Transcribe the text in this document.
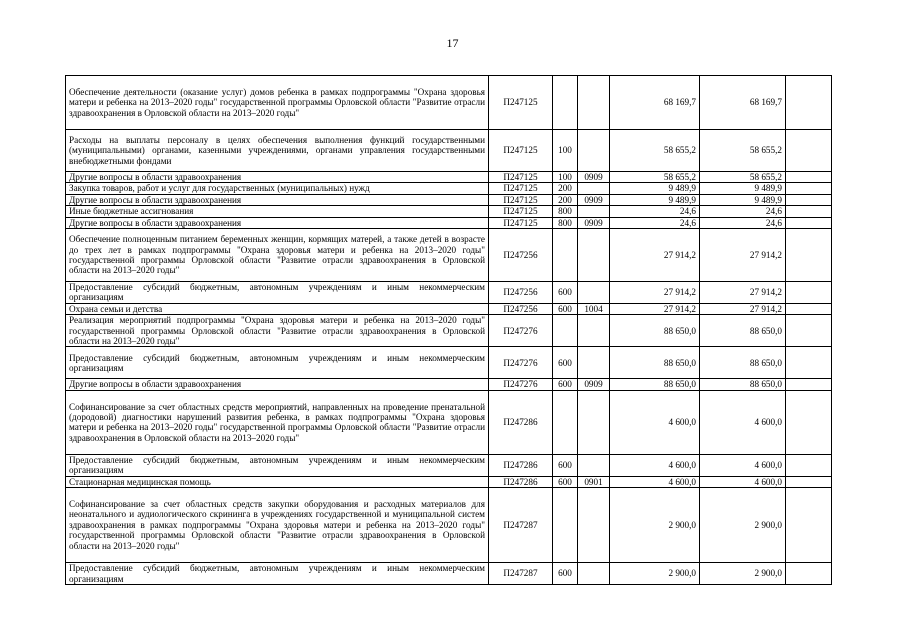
17
Обеспечение деятельности (оказание услуг) домов ребенка в рамках подпрограммы "Охрана здоровья матери и ребенка на 2013–2020 годы" государственной программы Орловской области "Развитие отрасли здравоохранения в Орловской области на 2013–2020 годы"	П247125			68 169,7	68 169,7	
Расходы на выплаты персоналу в целях обеспечения выполнения функций государственными (муниципальными) органами, казенными учреждениями, органами управления государственными внебюджетными фондами	П247125	100		58 655,2	58 655,2	
Другие вопросы в области здравоохранения	П247125	100	0909	58 655,2	58 655,2	
Закупка товаров, работ и услуг для государственных (муниципальных) нужд	П247125	200		9 489,9	9 489,9	
Другие вопросы в области здравоохранения	П247125	200	0909	9 489,9	9 489,9	
Иные бюджетные ассигнования	П247125	800		24,6	24,6	
Другие вопросы в области здравоохранения	П247125	800	0909	24,6	24,6	
Обеспечение полноценным питанием беременных женщин, кормящих матерей, а также детей в возрасте до трех лет в рамках подпрограммы "Охрана здоровья матери и ребенка на 2013–2020 годы" государственной программы Орловской области "Развитие отрасли здравоохранения в Орловской области на 2013–2020 годы"	П247256			27 914,2	27 914,2	
Предоставление субсидий бюджетным, автономным учреждениям и иным некоммерческим организациям	П247256	600		27 914,2	27 914,2	
Охрана семьи и детства	П247256	600	1004	27 914,2	27 914,2	
Реализация мероприятий подпрограммы "Охрана здоровья матери и ребенка на 2013–2020 годы" государственной программы Орловской области "Развитие отрасли здравоохранения в Орловской области на 2013–2020 годы"	П247276			88 650,0	88 650,0	
Предоставление субсидий бюджетным, автономным учреждениям и иным некоммерческим организациям	П247276	600		88 650,0	88 650,0	
Другие вопросы в области здравоохранения	П247276	600	0909	88 650,0	88 650,0	
Софинансирование за счет областных средств мероприятий, направленных на проведение пренатальной (дородовой) диагностики нарушений развития ребенка, в рамках подпрограммы "Охрана здоровья матери и ребенка на 2013–2020 годы" государственной программы Орловской области "Развитие отрасли здравоохранения в Орловской области на 2013–2020 годы"	П247286			4 600,0	4 600,0	
Предоставление субсидий бюджетным, автономным учреждениям и иным некоммерческим организациям	П247286	600		4 600,0	4 600,0	
Стационарная медицинская помощь	П247286	600	0901	4 600,0	4 600,0	
Софинансирование за счет областных средств закупки оборудования и расходных материалов для неонатального и аудиологического скрининга в учреждениях государственной и муниципальной систем здравоохранения в рамках подпрограммы "Охрана здоровья матери и ребенка на 2013–2020 годы" государственной программы Орловской области "Развитие отрасли здравоохранения в Орловской области на 2013–2020 годы"	П247287			2 900,0	2 900,0	
Предоставление субсидий бюджетным, автономным учреждениям и иным некоммерческим организациям	П247287	600		2 900,0	2 900,0	
